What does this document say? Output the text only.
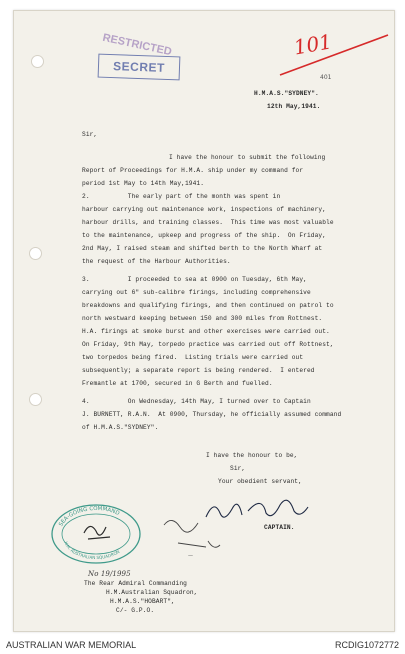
RESTRICTED
SECRET
101
401
H.M.A.S."SYDNEY".
12th May,1941.
Sir,
I have the honour to submit the following
Report of Proceedings for H.M.A. ship under my command for
period 1st May to 14th May,1941.
2.          The early part of the month was spent in
harbour carrying out maintenance work, inspections of machinery,
harbour drills, and training classes.  This time was most valuable
to the maintenance, upkeep and progress of the ship.  On Friday,
2nd May, I raised steam and shifted berth to the North Wharf at
the request of the Harbour Authorities.
3.          I proceeded to sea at 0900 on Tuesday, 6th May,
carrying out 6" sub-calibre firings, including comprehensive
breakdowns and qualifying firings, and then continued on patrol to
north westward keeping between 150 and 300 miles from Rottnest.
H.A. firings at smoke burst and other exercises were carried out.
On Friday, 9th May, torpedo practice was carried out off Rottnest,
two torpedos being fired.  Listing trials were carried out
subsequently; a separate report is being rendered.  I entered
Fremantle at 1700, secured in G Berth and fuelled.
4.          On Wednesday, 14th May, I turned over to Captain
J. BURNETT, R.A.N.  At 0900, Thursday, he officially assumed command
of H.M.A.S."SYDNEY".
I have the honour to be,
Sir,
Your obedient servant,
SEA-GOING COMMAND
H.M. AUSTRALIAN SQUADRON
—
CAPTAIN.
No 19/1995
The Rear Admiral Commanding
H.M.Australian Squadron,
H.M.A.S."HOBART",
C/- G.P.O.
AUSTRALIAN WAR MEMORIAL	RCDIG1072772
